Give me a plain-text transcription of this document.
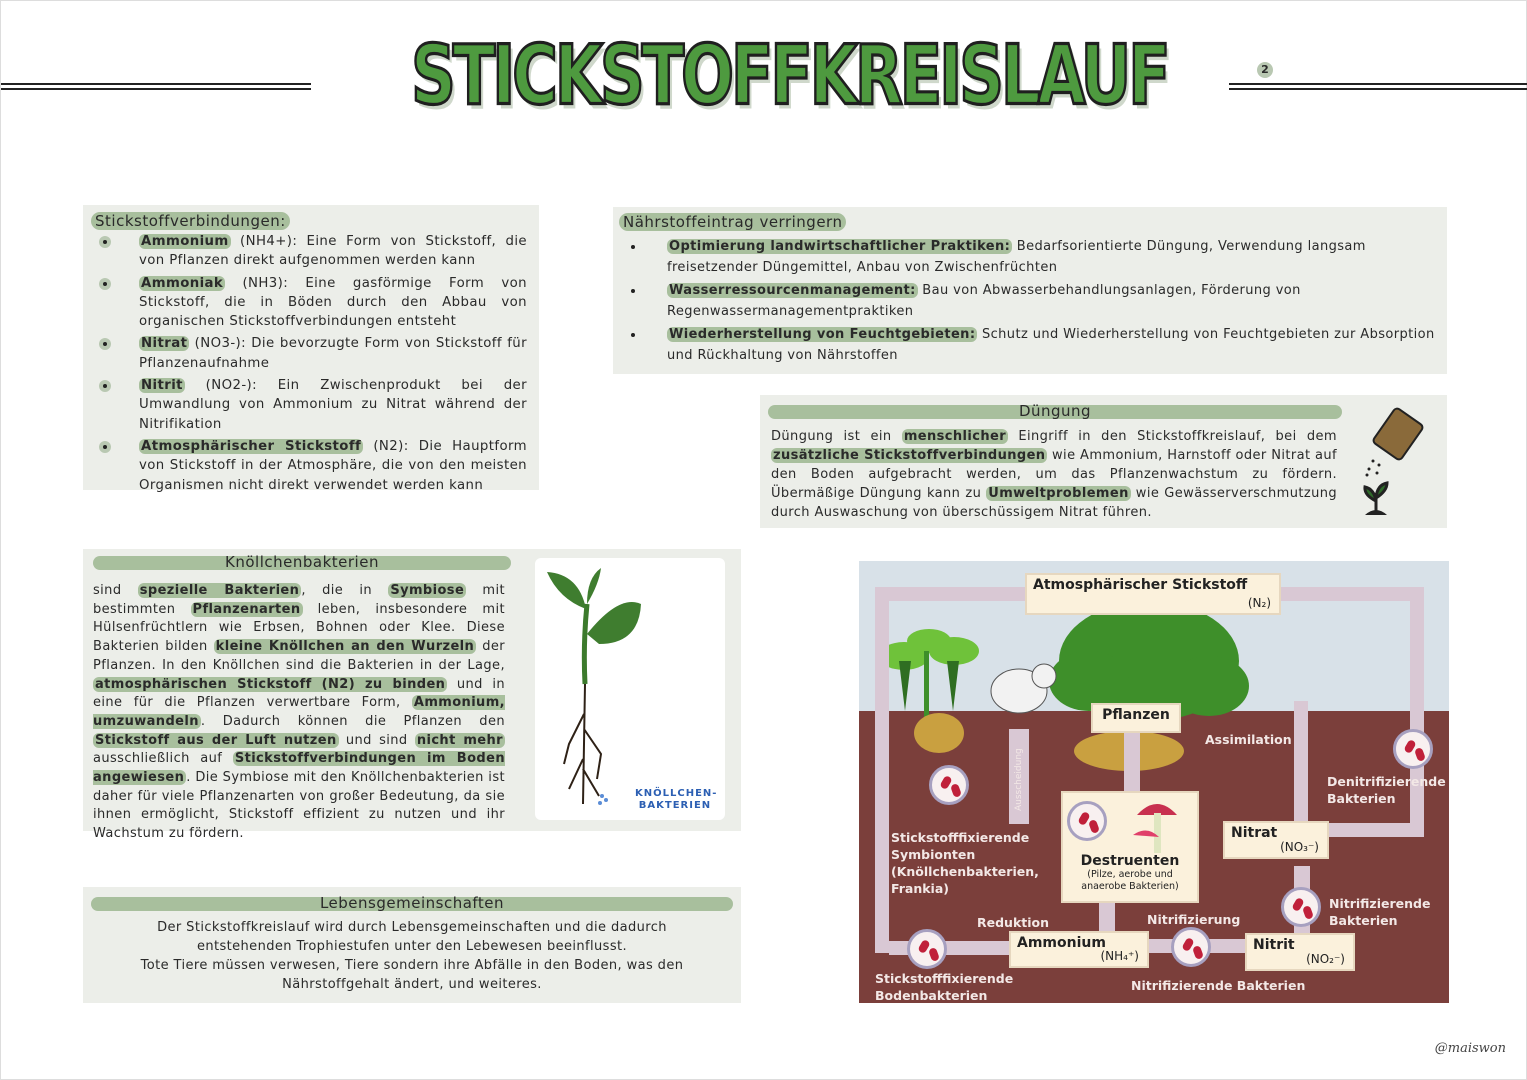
STICKSTOFFKREISLAUF	2
Stickstoffverbindungen:
Ammonium (NH4+): Eine Form von Stickstoff, die von Pflanzen direkt aufgenommen werden kann
Ammoniak (NH3): Eine gasförmige Form von Stickstoff, die in Böden durch den Abbau von organischen Stickstoffverbindungen entsteht
Nitrat (NO3-): Die bevorzugte Form von Stickstoff für Pflanzenaufnahme
Nitrit (NO2-): Ein Zwischenprodukt bei der Umwandlung von Ammonium zu Nitrat während der Nitrifikation
Atmosphärischer Stickstoff (N2): Die Hauptform von Stickstoff in der Atmosphäre, die von den meisten Organismen nicht direkt verwendet werden kann
Nährstoffeintrag verringern
Optimierung landwirtschaftlicher Praktiken: Bedarfsorientierte Düngung, Verwendung langsam freisetzender Düngemittel, Anbau von Zwischenfrüchten
Wasserressourcenmanagement: Bau von Abwasserbehandlungsanlagen, Förderung von Regenwassermanagementpraktiken
Wiederherstellung von Feuchtgebieten: Schutz und Wiederherstellung von Feuchtgebieten zur Absorption und Rückhaltung von Nährstoffen
Düngung

Düngung ist ein menschlicher Eingriff in den Stickstoffkreislauf, bei dem zusätzliche Stickstoffverbindungen wie Ammonium, Harnstoff oder Nitrat auf den Boden aufgebracht werden, um das Pflanzenwachstum zu fördern. Übermäßige Düngung kann zu Umweltproblemen wie Gewässerverschmutzung durch Auswaschung von überschüssigem Nitrat führen.

Knöllchenbakterien

sind spezielle Bakterien , die in Symbiose mit bestimmten Pflanzenarten leben, insbesondere mit Hülsenfrüchtlern wie Erbsen, Bohnen oder Klee. Diese Bakterien bilden kleine Knöllchen an den Wurzeln der Pflanzen. In den Knöllchen sind die Bakterien in der Lage, atmosphärischen Stickstoff (N2) zu binden und in eine für die Pflanzen verwertbare Form, Ammonium, umzuwandeln . Dadurch können die Pflanzen den Stickstoff aus der Luft nutzen und sind nicht mehr ausschließlich auf Stickstoffverbindungen im Boden angewiesen . Die Symbiose mit den Knöllchenbakterien ist daher für viele Pflanzenarten von großer Bedeutung, da sie ihnen ermöglicht, Stickstoff effizient zu nutzen und ihr Wachstum zu fördern.

KNÖLLCHEN-BAKTERIEN
Lebensgemeinschaften
Der Stickstoffkreislauf wird durch Lebensgemeinschaften und die dadurch
entstehenden Trophiestufen unter den Lebewesen beeinflusst.
Tote Tiere müssen verwesen, Tiere sondern ihre Abfälle in den Boden, was den
Nährstoffgehalt ändert, und weiteres.
Atmosphärischer Stickstoff
(N₂)
Pflanzen
Assimilation
Ausscheidung	Denitrifizierende Bakterien
Stickstofffixierende Symbionten (Knöllchenbakterien, Frankia)
Destruenten
(Pilze, aerobe und anaerobe Bakterien)
Nitrat
(NO₃⁻)
Nitrifizierende Bakterien
Reduktion	Nitrifizierung
Ammonium
(NH₄⁺)
Nitrit
(NO₂⁻)
Stickstofffixierende Bodenbakterien
Nitrifizierende Bakterien
@maiswon
